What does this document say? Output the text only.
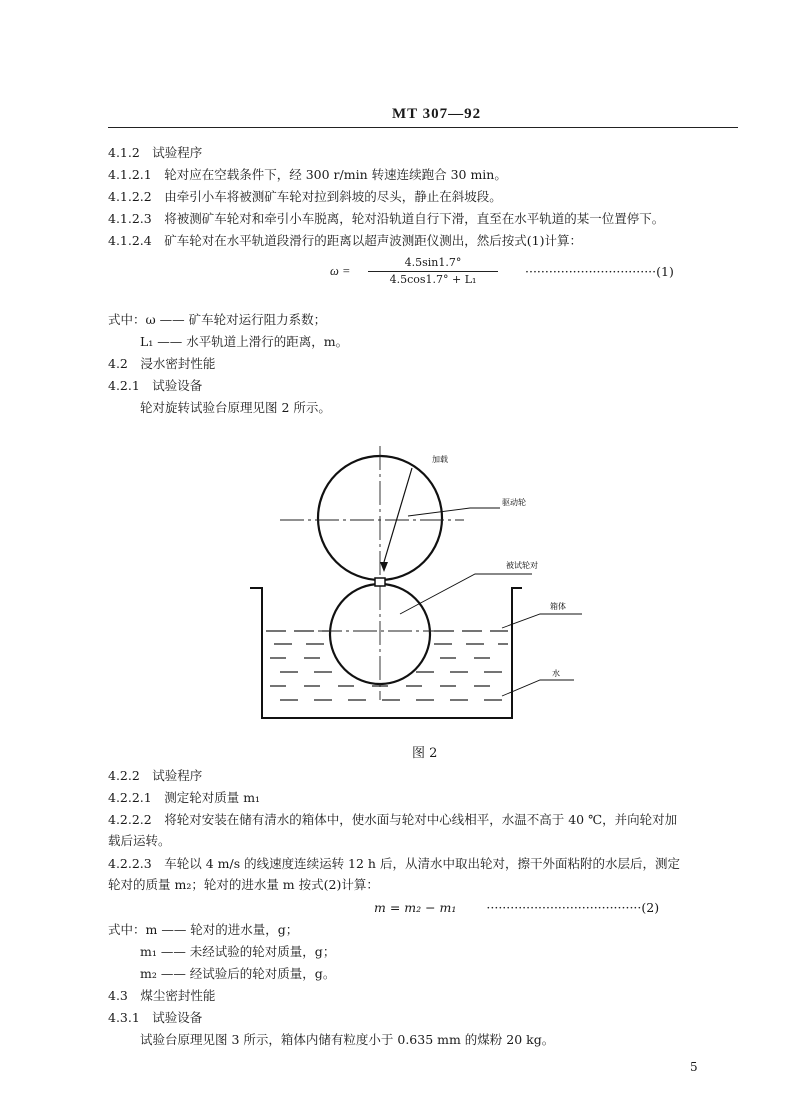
MT 307—92
4.1.2　试验程序
4.1.2.1　轮对应在空载条件下，经 300 r/min 转速连续跑合 30 min。
4.1.2.2　由牵引小车将被测矿车轮对拉到斜坡的尽头，静止在斜坡段。
4.1.2.3　将被测矿车轮对和牵引小车脱离，轮对沿轨道自行下滑，直至在水平轨道的某一位置停下。
4.1.2.4　矿车轮对在水平轨道段滑行的距离以超声波测距仪测出，然后按式(1)计算：
ω =
4.5sin1.7°
4.5cos1.7° + L₁
·································(1)
式中：ω —— 矿车轮对运行阻力系数；
L₁ —— 水平轨道上滑行的距离，m。
4.2　浸水密封性能
4.2.1　试验设备
轮对旋转试验台原理见图 2 所示。
加载
驱动轮
被试轮对
箱体
水
图 2
4.2.2　试验程序
4.2.2.1　测定轮对质量 m₁
4.2.2.2　将轮对安装在储有清水的箱体中，使水面与轮对中心线相平，水温不高于 40 ℃，并向轮对加
载后运转。
4.2.2.3　车轮以 4 m/s 的线速度连续运转 12 h 后，从清水中取出轮对，擦干外面粘附的水层后，测定
轮对的质量 m₂；轮对的进水量 m 按式(2)计算：
m = m₂ − m₁ ·······································(2)
式中：m —— 轮对的进水量，g；
m₁ —— 未经试验的轮对质量，g；
m₂ —— 经试验后的轮对质量，g。
4.3　煤尘密封性能
4.3.1　试验设备
试验台原理见图 3 所示，箱体内储有粒度小于 0.635 mm 的煤粉 20 kg。
5
